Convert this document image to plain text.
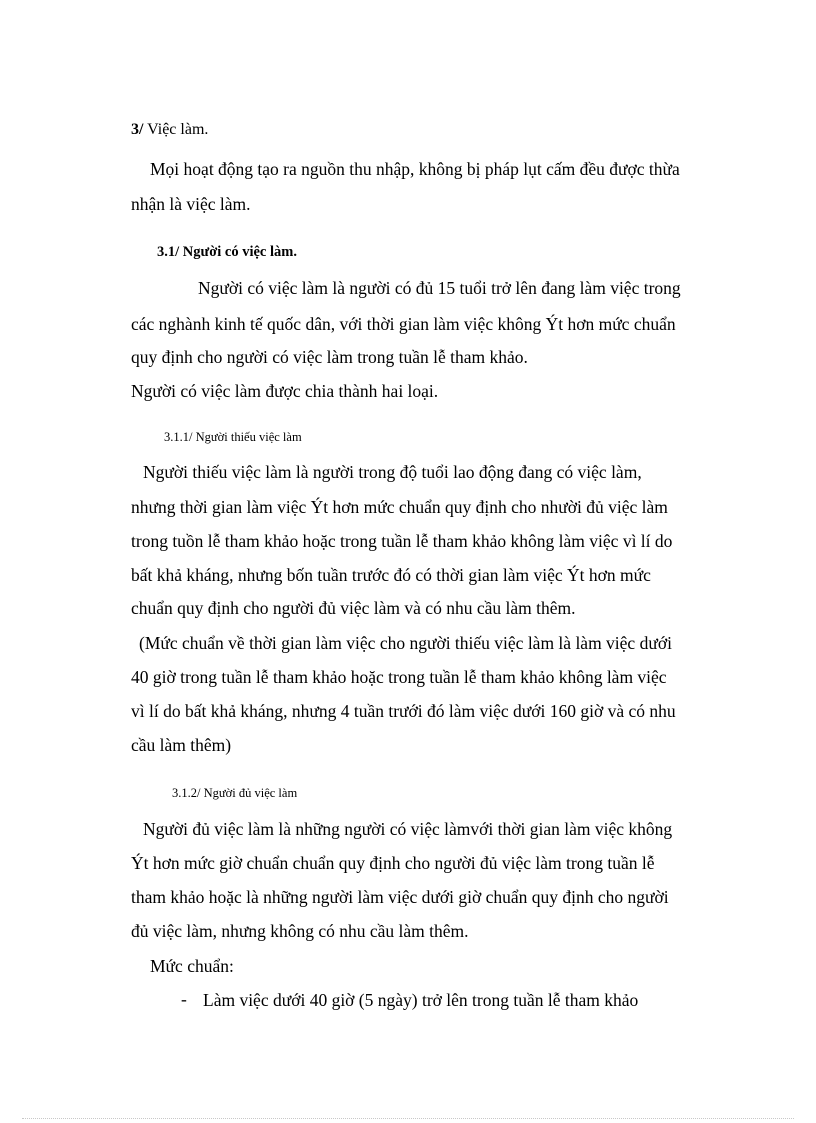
3/ Việc làm.
Mọi hoạt động tạo ra nguồn thu nhập, không bị pháp lụt cấm đều được thừa
nhận là việc làm.
3.1/ Người có việc làm.
Người có việc làm là người có đủ 15 tuổi trở lên đang làm việc trong
các nghành kinh tế quốc dân, với thời gian làm việc không Ýt hơn mức chuẩn
quy định cho người có việc làm trong tuần lễ tham khảo.
Người có việc làm được chia thành hai loại.
3.1.1/ Người thiếu việc làm
Người thiếu việc làm là người trong độ tuổi lao động đang có việc làm,
nhưng thời gian làm việc Ýt hơn mức chuẩn quy định cho nhười đủ việc làm
trong tuồn lễ tham khảo hoặc trong tuần lễ tham khảo không làm việc vì lí do
bất khả kháng, nhưng bốn tuần trước đó có thời gian làm việc Ýt hơn mức
chuẩn quy định cho người đủ việc làm và có nhu cầu làm thêm.
(Mức chuẩn về thời gian làm việc cho người thiếu việc làm là làm việc dưới
40 giờ trong tuần lễ tham khảo hoặc trong tuần lễ tham khảo không làm việc
vì lí do bất khả kháng, nhưng 4 tuần trưới đó làm việc dưới 160 giờ và có nhu
cầu làm thêm)
3.1.2/ Người đủ việc làm
Người đủ việc làm là những người có việc làmvới thời gian làm việc không
Ýt hơn mức giờ chuẩn chuẩn quy định cho người đủ việc làm trong tuần lễ
tham khảo hoặc là những người làm việc dưới giờ chuẩn quy định cho người
đủ việc làm, nhưng không có nhu cầu làm thêm.
Mức chuẩn:
- Làm việc dưới 40 giờ (5 ngày) trở lên trong tuần lễ tham khảo
